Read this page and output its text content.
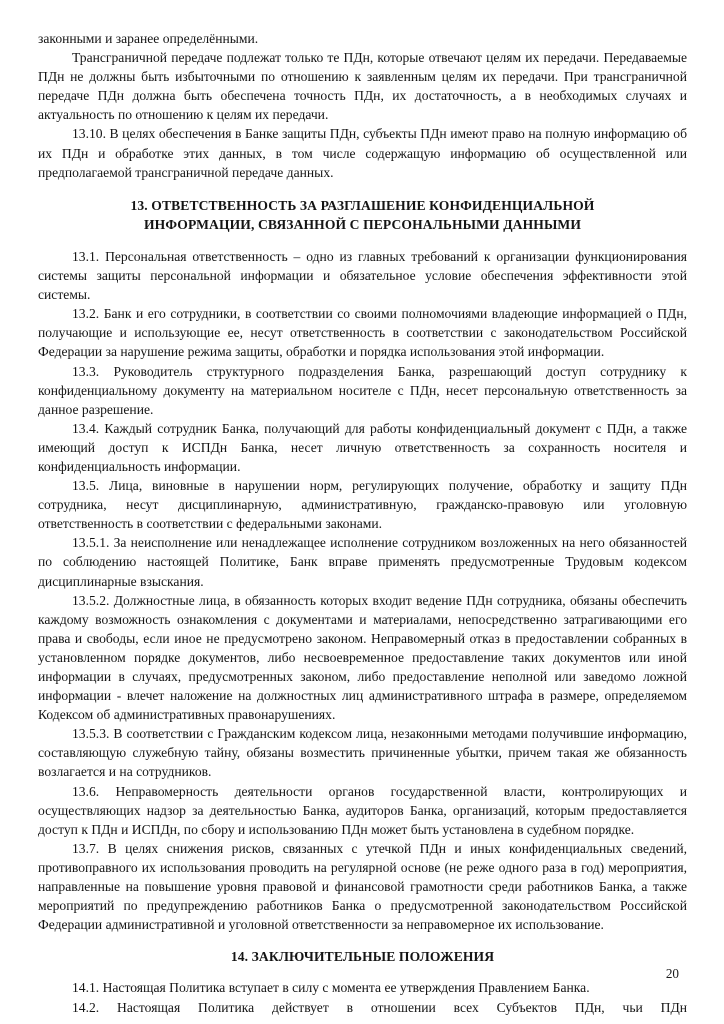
законными и заранее определёнными.

Трансграничной передаче подлежат только те ПДн, которые отвечают целям их передачи. Передаваемые ПДн не должны быть избыточными по отношению к заявленным целям их передачи. При трансграничной передаче ПДн должна быть обеспечена точность ПДн, их достаточность, а в необходимых случаях и актуальность по отношению к целям их передачи.

13.10. В целях обеспечения в Банке защиты ПДн, субъекты ПДн имеют право на полную информацию об их ПДн и обработке этих данных, в том числе содержащую информацию об осуществленной или предполагаемой трансграничной передаче данных.

13. ОТВЕТСТВЕННОСТЬ ЗА РАЗГЛАШЕНИЕ КОНФИДЕНЦИАЛЬНОЙ
ИНФОРМАЦИИ, СВЯЗАННОЙ С ПЕРСОНАЛЬНЫМИ ДАННЫМИ

13.1. Персональная ответственность – одно из главных требований к организации функционирования системы защиты персональной информации и обязательное условие обеспечения эффективности этой системы.

13.2. Банк и его сотрудники, в соответствии со своими полномочиями владеющие информацией о ПДн, получающие и использующие ее, несут ответственность в соответствии с законодательством Российской Федерации за нарушение режима защиты, обработки и порядка использования этой информации.

13.3. Руководитель структурного подразделения Банка, разрешающий доступ сотруднику к конфиденциальному документу на материальном носителе с ПДн, несет персональную ответственность за данное разрешение.

13.4. Каждый сотрудник Банка, получающий для работы конфиденциальный документ с ПДн, а также имеющий доступ к ИСПДн Банка, несет личную ответственность за сохранность носителя и конфиденциальность информации.

13.5. Лица, виновные в нарушении норм, регулирующих получение, обработку и защиту ПДн сотрудника, несут дисциплинарную, административную, гражданско-правовую или уголовную ответственность в соответствии с федеральными законами.

13.5.1. За неисполнение или ненадлежащее исполнение сотрудником возложенных на него обязанностей по соблюдению настоящей Политике, Банк вправе применять предусмотренные Трудовым кодексом дисциплинарные взыскания.

13.5.2. Должностные лица, в обязанность которых входит ведение ПДн сотрудника, обязаны обеспечить каждому возможность ознакомления с документами и материалами, непосредственно затрагивающими его права и свободы, если иное не предусмотрено законом. Неправомерный отказ в предоставлении собранных в установленном порядке документов, либо несвоевременное предоставление таких документов или иной информации в случаях, предусмотренных законом, либо предоставление неполной или заведомо ложной информации - влечет наложение на должностных лиц административного штрафа в размере, определяемом Кодексом об административных правонарушениях.

13.5.3. В соответствии с Гражданским кодексом лица, незаконными методами получившие информацию, составляющую служебную тайну, обязаны возместить причиненные убытки, причем такая же обязанность возлагается и на сотрудников.

13.6. Неправомерность деятельности органов государственной власти, контролирующих и осуществляющих надзор за деятельностью Банка, аудиторов Банка, организаций, которым предоставляется доступ к ПДн и ИСПДн, по сбору и использованию ПДн может быть установлена в судебном порядке.

13.7. В целях снижения рисков, связанных с утечкой ПДн и иных конфиденциальных сведений, противоправного их использования проводить на регулярной основе (не реже одного раза в год) мероприятия, направленные на повышение уровня правовой и финансовой грамотности среди работников Банка, а также мероприятий по предупреждению работников Банка о предусмотренной законодательством Российской Федерации административной и уголовной ответственности за неправомерное их использование.

14. ЗАКЛЮЧИТЕЛЬНЫЕ ПОЛОЖЕНИЯ

14.1. Настоящая Политика вступает в силу с момента ее утверждения Правлением Банка.

14.2. Настоящая Политика действует в отношении всех Субъектов ПДн, чьи ПДн

20
